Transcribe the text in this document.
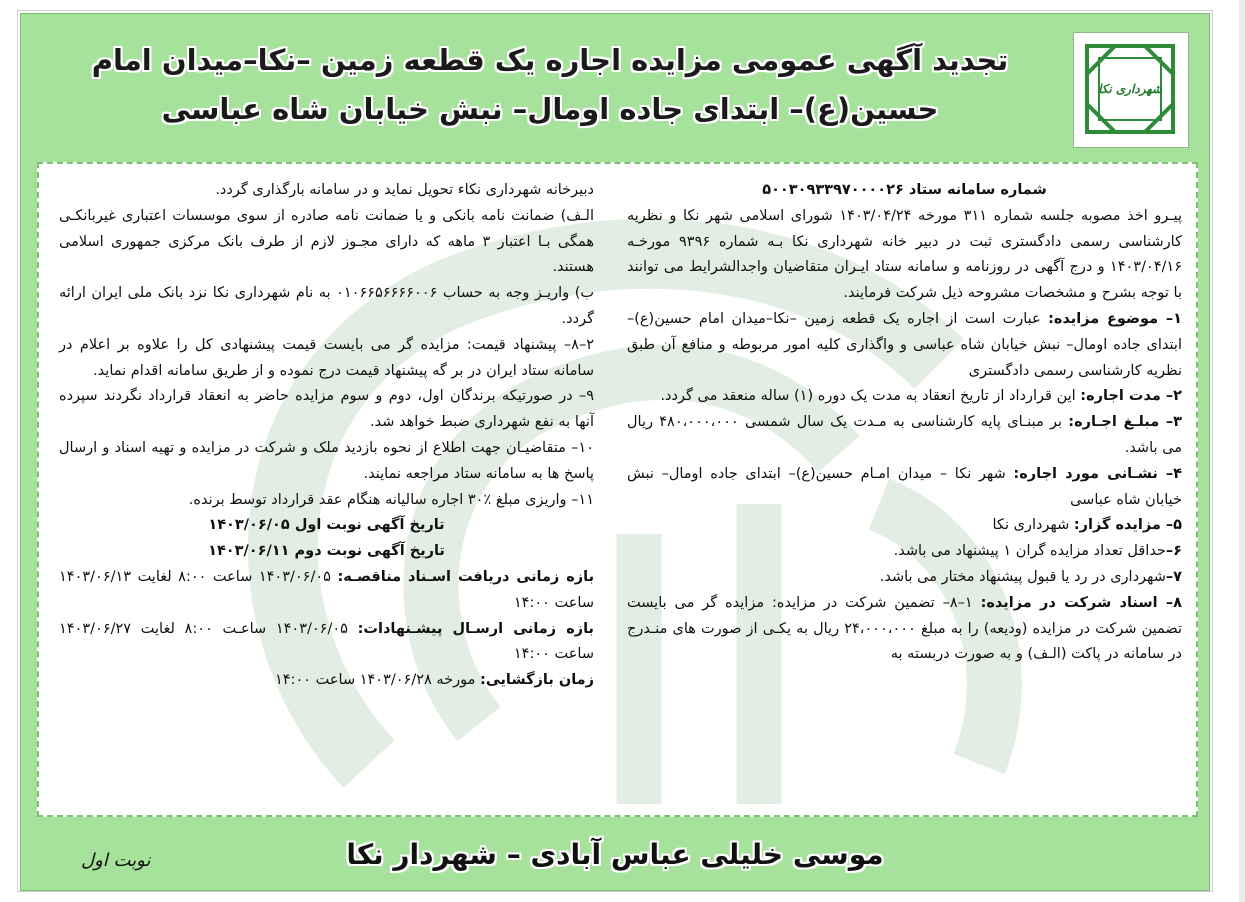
شهرداری نکا
تجدید آگهی عمومی مزایده اجاره یک قطعه زمین –نکا–میدان امام
حسین(ع)– ابتدای جاده اومال– نبش خیابان شاه عباسی

شماره سامانه ستاد ۵۰۰۳۰۹۳۳۹۷۰۰۰۰۲۶

پیـرو اخذ مصوبه جلسه شماره ۳۱۱ مورخه ۱۴۰۳/۰۴/۲۴ شورای اسلامی شهر نکا و نظریه کارشناسی رسمی دادگستری ثبت در دبیر خانه شهرداری نکا بـه شماره ۹۳۹۶ مورخـه ۱۴۰۳/۰۴/۱۶ و درج آگهی در روزنامه و سامانه ستاد ایـران متقاضیان واجدالشرایط می توانند با توجه بشرح و مشخصات مشروحه ذیل شرکت فرمایند.

۱– موضوع مزایده: عبارت است از اجاره یک قطعه زمین –نکا–میدان امام حسین(ع)– ابتدای جاده اومال– نبش خیابان شاه عباسی و واگذاری کلیه امور مربوطه و منافع آن طبق نظریه کارشناسی رسمی دادگستری

۲– مدت اجاره: این قرارداد از تاریخ انعقاد به مدت یک دوره (۱) ساله منعقد می گردد.

۳– مبلـغ اجـاره: بر مبنـای پایه کارشناسی به مـدت یک سال شمسی ۴۸۰،۰۰۰،۰۰۰ ریال می باشد.

۴– نشـانی مورد اجاره: شهر نکا – میدان امـام حسین(ع)– ابتدای جاده اومال– نبش خیابان شاه عباسی

۵– مزایده گزار: شهرداری نکا

۶–حداقل تعداد مزایده گران ۱ پیشنهاد می باشد.

۷–شهرداری در رد یا قبول پیشنهاد مختار می باشد.

۸– اسناد شرکت در مزایده: ۱–۸– تضمین شرکت در مزایده: مزایده گر می بایست تضمین شرکت در مزایده (ودیعه) را به مبلغ ۲۴،۰۰۰،۰۰۰ ریال به یکـی از صورت های منـدرج در سامانه در پاکت (الـف) و به صورت دربسته به

دبیرخانه شهرداری نکاء تحویل نماید و در سامانه بارگذاری گردد.

الـف) ضمانت نامه بانکی و یا ضمانت نامه صادره از سوی موسسات اعتباری غیربانکـی همگی بـا اعتبار ۳ ماهه که دارای مجـوز لازم از طرف بانک مرکزی جمهوری اسلامی هستند.

ب) واریـز وجه به حساب ۰۱۰۶۶۵۶۶۶۶۰۰۶ به نام شهرداری نکا نزد بانک ملی ایران ارائه گردد.

۲–۸– پیشنهاد قیمت: مزایده گر می بایست قیمت پیشنهادی کل را علاوه بر اعلام در سامانه ستاد ایران در بر گه پیشنهاد قیمت درج نموده و از طریق سامانه اقدام نماید.

۹– در صورتیکه برندگان اول، دوم و سوم مزایده حاضر به انعقاد قرارداد نگردند سپرده آنها به نفع شهرداری ضبط خواهد شد.

۱۰– متقاضیـان جهت اطلاع از نحوه بازدید ملک و شرکت در مزایده و تهیه اسناد و ارسال پاسخ ها به سامانه ستاد مراجعه نمایند.

۱۱– واریزی مبلغ ٪۳۰ اجاره سالیانه هنگام عقد قرارداد توسط برنده.

تاریخ آگهی نوبت اول ۱۴۰۳/۰۶/۰۵

تاریخ آگهی نوبت دوم ۱۴۰۳/۰۶/۱۱

بازه زمانی دریافت اسـناد مناقصـه: ۱۴۰۳/۰۶/۰۵ ساعت ۸:۰۰ لغایت ۱۴۰۳/۰۶/۱۳ ساعت ۱۴:۰۰

بازه زمانی ارسـال پیشـنهادات: ۱۴۰۳/۰۶/۰۵ ساعـت ۸:۰۰ لغایت ۱۴۰۳/۰۶/۲۷ ساعت ۱۴:۰۰

زمان بازگشایی: مورخه ۱۴۰۳/۰۶/۲۸ ساعت ۱۴:۰۰

موسی خلیلی عباس آبادی – شهردار نکا
نوبت اول
